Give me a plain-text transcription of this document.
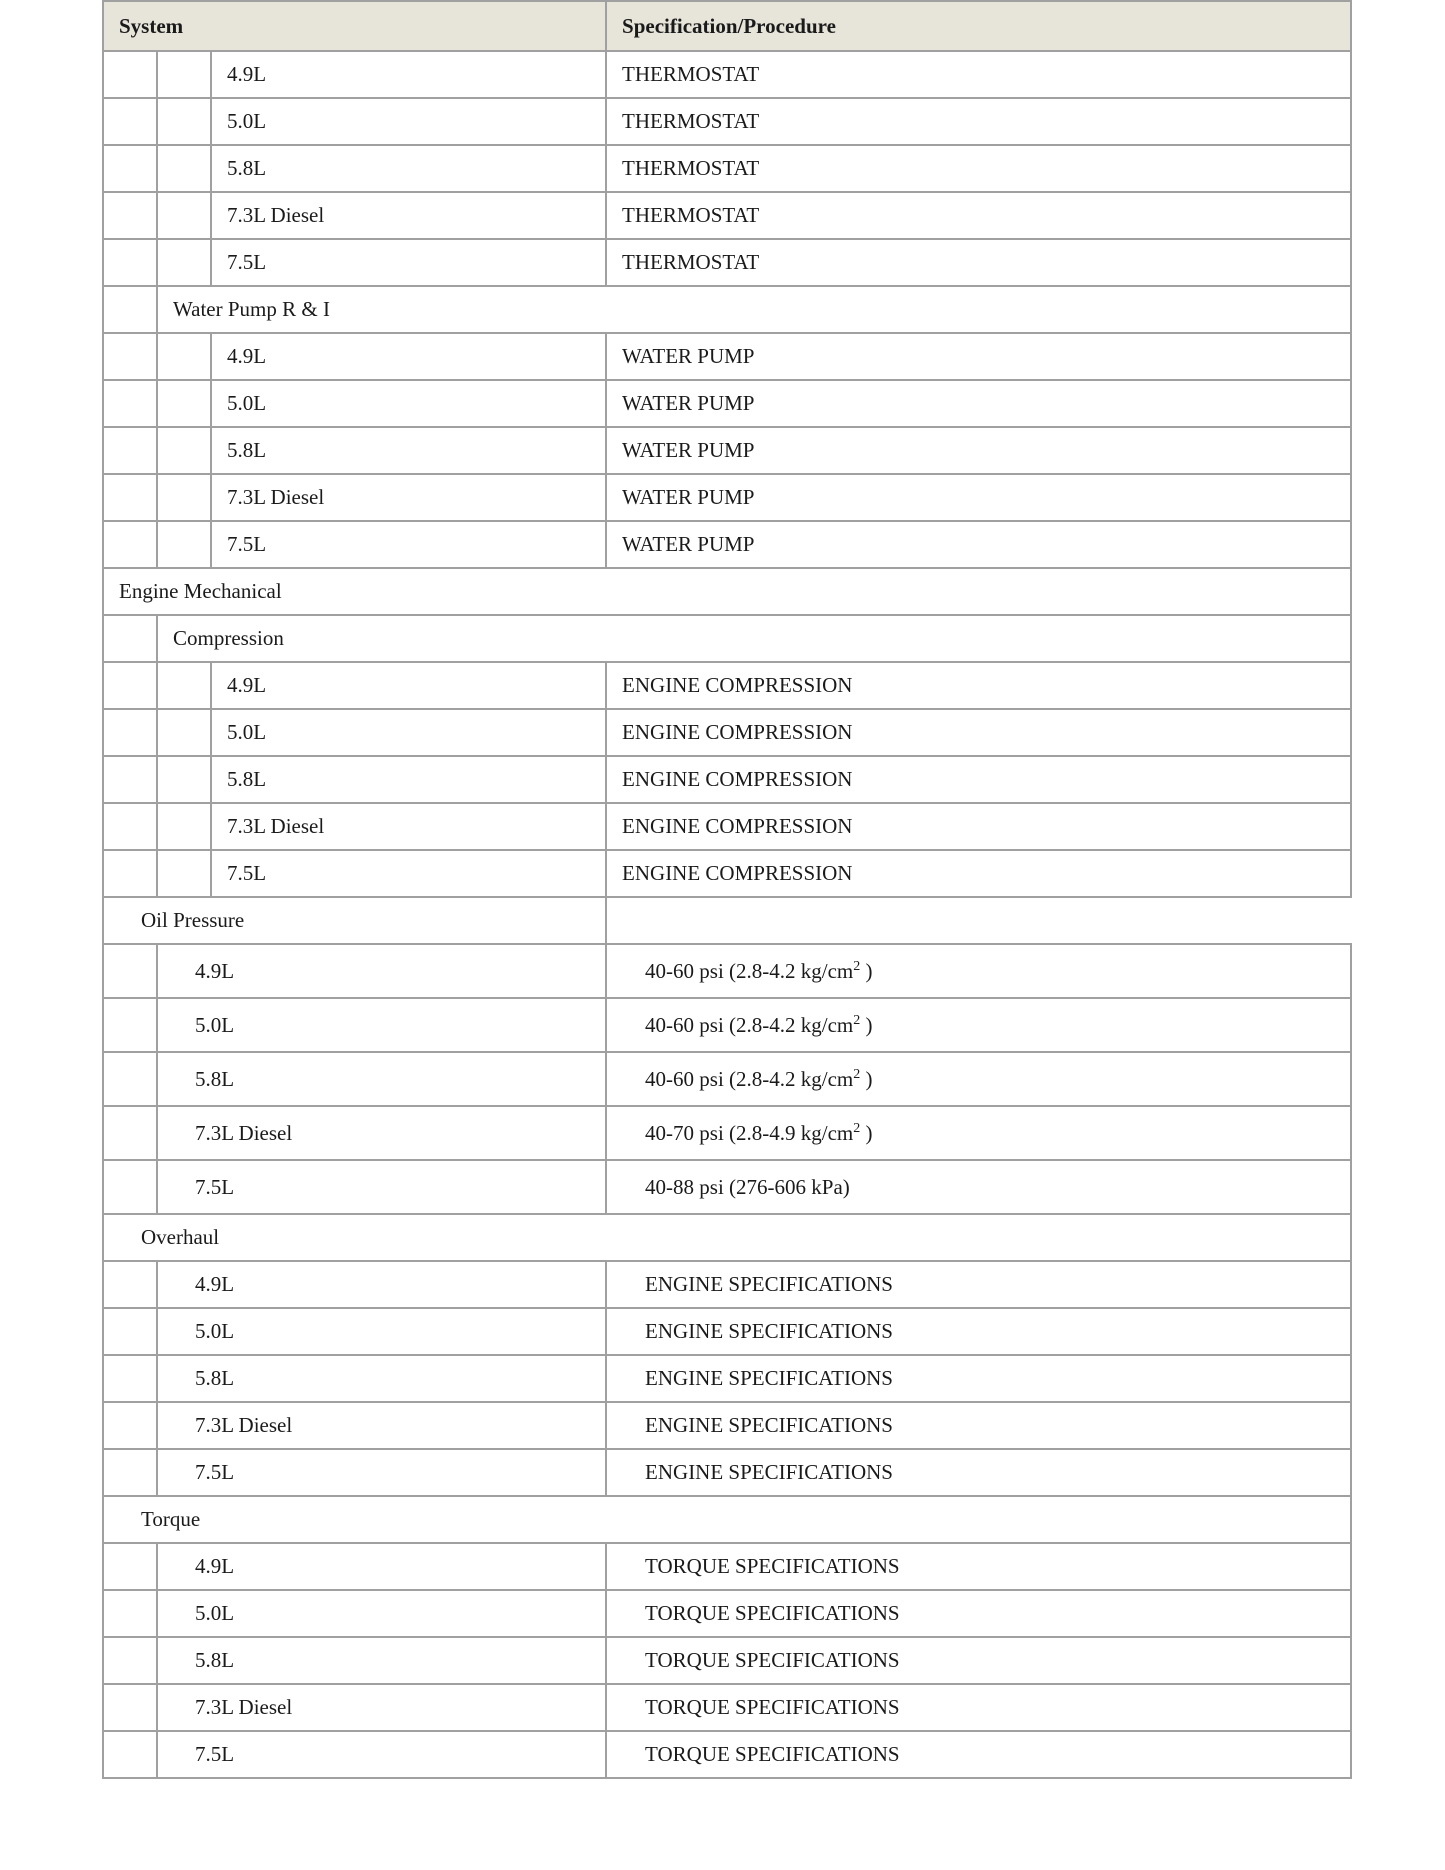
System			Specification/Procedure
		4.9L	THERMOSTAT
		5.0L	THERMOSTAT
		5.8L	THERMOSTAT
		7.3L Diesel	THERMOSTAT
		7.5L	THERMOSTAT
	Water Pump R & I		
		4.9L	WATER PUMP
		5.0L	WATER PUMP
		5.8L	WATER PUMP
		7.3L Diesel	WATER PUMP
		7.5L	WATER PUMP
Engine Mechanical			
	Compression		
		4.9L	ENGINE COMPRESSION
		5.0L	ENGINE COMPRESSION
		5.8L	ENGINE COMPRESSION
		7.3L Diesel	ENGINE COMPRESSION
		7.5L	ENGINE COMPRESSION
Oil Pressure			
	4.9L		40-60 psi (2.8-4.2 $kg/cm^2$ )
	5.0L		40-60 psi (2.8-4.2 $kg/cm^2$ )
	5.8L		40-60 psi (2.8-4.2 $kg/cm^2$ )
	7.3L Diesel		40-70 psi (2.8-4.9 $kg/cm^2$ )
	7.5L		40-88 psi (276-606 kPa)
Overhaul			
	4.9L		ENGINE SPECIFICATIONS
	5.0L		ENGINE SPECIFICATIONS
	5.8L		ENGINE SPECIFICATIONS
	7.3L Diesel		ENGINE SPECIFICATIONS
	7.5L		ENGINE SPECIFICATIONS
Torque			
	4.9L		TORQUE SPECIFICATIONS
	5.0L		TORQUE SPECIFICATIONS
	5.8L		TORQUE SPECIFICATIONS
	7.3L Diesel		TORQUE SPECIFICATIONS
	7.5L		TORQUE SPECIFICATIONS
